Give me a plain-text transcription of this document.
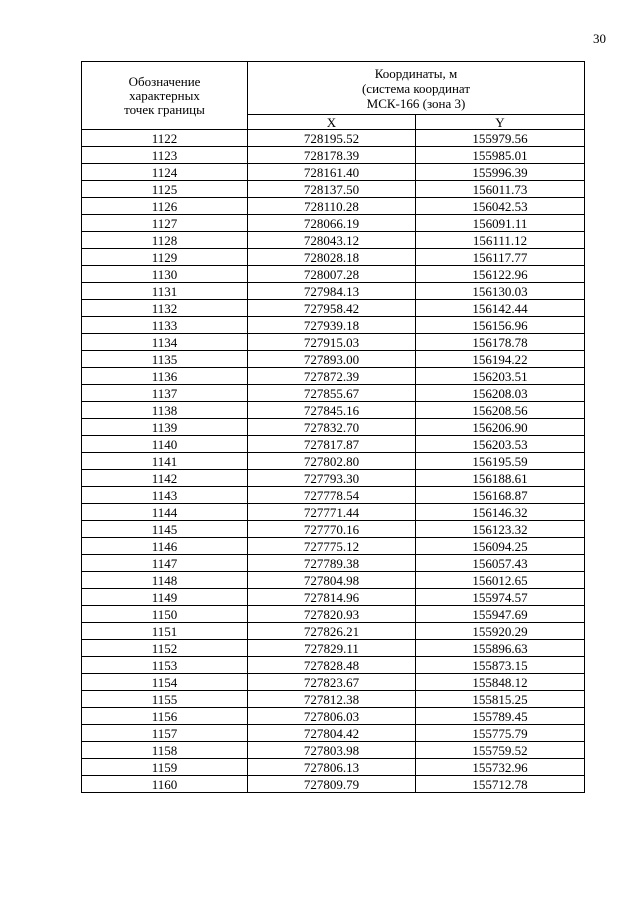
30
Обозначение
характерных
точек границы	Координаты, м
(система координат
МСК-166 (зона 3)	

	X	Y
1122	728195.52	155979.56
1123	728178.39	155985.01
1124	728161.40	155996.39
1125	728137.50	156011.73
1126	728110.28	156042.53
1127	728066.19	156091.11
1128	728043.12	156111.12
1129	728028.18	156117.77
1130	728007.28	156122.96
1131	727984.13	156130.03
1132	727958.42	156142.44
1133	727939.18	156156.96
1134	727915.03	156178.78
1135	727893.00	156194.22
1136	727872.39	156203.51
1137	727855.67	156208.03
1138	727845.16	156208.56
1139	727832.70	156206.90
1140	727817.87	156203.53
1141	727802.80	156195.59
1142	727793.30	156188.61
1143	727778.54	156168.87
1144	727771.44	156146.32
1145	727770.16	156123.32
1146	727775.12	156094.25
1147	727789.38	156057.43
1148	727804.98	156012.65
1149	727814.96	155974.57
1150	727820.93	155947.69
1151	727826.21	155920.29
1152	727829.11	155896.63
1153	727828.48	155873.15
1154	727823.67	155848.12
1155	727812.38	155815.25
1156	727806.03	155789.45
1157	727804.42	155775.79
1158	727803.98	155759.52
1159	727806.13	155732.96
1160	727809.79	155712.78
